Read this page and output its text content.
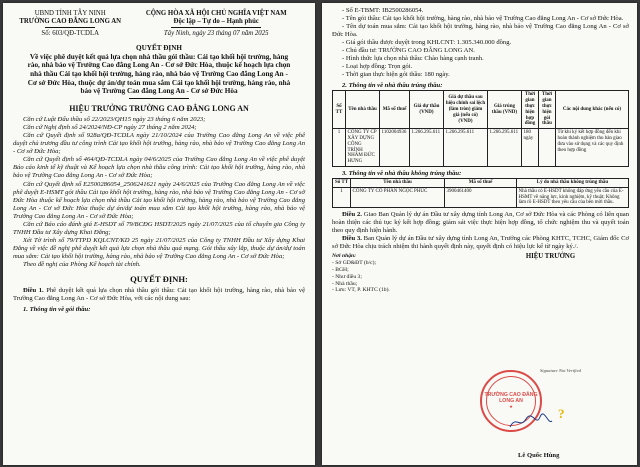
UBND TỈNH TÂY NINH
TRƯỜNG CAO ĐẲNG LONG AN
Số: 603/QĐ-TCDLA
CỘNG HÒA XÃ HỘI CHỦ NGHĨA VIỆT NAM
Độc lập – Tự do – Hạnh phúc
Tây Ninh, ngày 23 tháng 07 năm 2025
QUYẾT ĐỊNH
Về việc phê duyệt kết quả lựa chọn nhà thầu gói thầu: Cải tạo khối hội trường, hàng rào, nhà bảo vệ Trường Cao đẳng Long An - Cơ sở Đức Hòa, thuộc kế hoạch lựa chọn nhà thầu Cải tạo khối hội trường, hàng rào, nhà bảo vệ Trường Cao đẳng Long An - Cơ sở Đức Hòa, thuộc dự án/dự toán mua sắm Cải tạo khối hội trường, hàng rào, nhà bảo vệ Trường Cao đẳng Long An - Cơ sở Đức Hòa
HIỆU TRƯỞNG TRƯỜNG CAO ĐẲNG LONG AN

Căn cứ Luật Đấu thầu số 22/2023/QH15 ngày 23 tháng 6 năm 2023;

Căn cứ Nghị định số 24/2024/NĐ-CP ngày 27 tháng 2 năm 2024;

Căn cứ Quyết định số 928a/QĐ-TCDLA ngày 21/10/2024 của Trường Cao đẳng Long An về việc phê duyệt chủ trương đầu tư công trình Cải tạo khối hội trường, hàng rào, nhà bảo vệ Trường Cao đẳng Long An - Cơ sở Đức Hòa;

Căn cứ Quyết định số 464/QĐ-TCDLA ngày 04/6/2025 của Trường Cao đẳng Long An về việc phê duyệt Báo cáo kinh tế kỹ thuật và Kế hoạch lựa chọn nhà thầu công trình: Cải tạo khối hội trường, hàng rào, nhà bảo vệ Trường Cao đẳng Long An - Cơ sở Đức Hòa;

Căn cứ Quyết định số E2500286054_2506241621 ngày 24/6/2025 của Trường Cao đẳng Long An về việc phê duyệt E-HSMT gói thầu Cải tạo khối hội trường, hàng rào, nhà bảo vệ Trường Cao đẳng Long An - Cơ sở Đức Hòa thuộc kế hoạch lựa chọn nhà thầu Cải tạo khối hội trường, hàng rào, nhà bảo vệ Trường Cao đẳng Long An - Cơ sở Đức Hòa thuộc dự án/dự toán mua sắm Cải tạo khối hội trường, hàng rào, nhà bảo vệ Trường Cao đẳng Long An - Cơ sở Đức Hòa;

Căn cứ Báo cáo đánh giá E-HSDT số 79/BCĐG HSDT/2025 ngày 21/07/2025 của tổ chuyên gia Công ty TNHH Đầu tư Xây dựng Khai Đăng;

Xét Tờ trình số 79/TTPD KQLCNT/KD 25 ngày 21/07/2025 của Công ty TNHH Đầu tư Xây dựng Khai Đăng về việc đề nghị phê duyệt kết quả lựa chọn nhà thầu quá mạng. Gói thầu xây lắp, thuộc dự án/dự toán mua sắm: Cải tạo khối hội trường, hàng rào, nhà bảo vệ Trường Cao đẳng Long An - Cơ sở Đức Hòa;

Theo đề nghị của Phòng Kế hoạch tài chính.

QUYẾT ĐỊNH:

Điều 1. Phê duyệt kết quả lựa chọn nhà thầu gói thầu: Cải tạo khối hội trường, hàng rào, nhà bảo vệ Trường Cao đẳng Long An - Cơ sở Đức Hòa, với các nội dung sau:

1. Thông tin về gói thầu:

- Số E-TBMT: IB2500286054.

- Tên gói thầu: Cải tạo khối hội trường, hàng rào, nhà bảo vệ Trường Cao đẳng Long An - Cơ sở Đức Hòa.

- Tên dự toán mua sắm: Cải tạo khối hội trường, hàng rào, nhà bảo vệ Trường Cao đẳng Long An - Cơ sở Đức Hòa.

- Giá gói thầu được duyệt trong KHLCNT: 1.305.340.000 đồng.

- Chủ đầu tư: TRƯỜNG CAO ĐẲNG LONG AN.

- Hình thức lựa chọn nhà thầu: Chào hàng cạnh tranh.

- Loại hợp đồng: Trọn gói.

- Thời gian thực hiện gói thầu: 180 ngày.

2. Thông tin về nhà thầu trúng thầu:
Số TT	Tên nhà thầu	Mã số thuế	Giá dự thầu (VND)	Giá dự thầu sau hiệu chỉnh sai lệch (làm tròn) giảm giá (nếu có) (VND)	Giá trúng thầu (VND)	Thời gian thực hiện hợp đồng	Thời gian thực hiện gói thầu	Các nội dung khác (nếu có)
1	CÔNG TY CP XÂY DỰNG CÔNG TRÌNH NHÂM ĐỨC HƯNG	1102004936	1.266.295.611	1.266.295.611	1.266.295.611	180 ngày		Từ khi ký kết hợp đồng đến khi hoàn thành nghiệm thu bàn giao đưa vào sử dụng và các quy định theo hợp đồng
3. Thông tin về nhà thầu không trúng thầu:
Số TT	Tên nhà thầu	Mã số thuế	Lý do nhà thầu không trúng thầu
1	CÔNG TY CỔ PHẦN NGỌC PHÚC	3900461400	Nhà thầu có E-HSDT không đáp ứng yêu cầu của E-HSMT về năng lực, kinh nghiệm, kỹ thuật; Không làm rõ E-HSDT theo yêu cầu của bên mời thầu.

Điều 2. Giao Ban Quản lý dự án Đầu tư xây dựng tỉnh Long An, Cơ sở Đức Hòa và các Phòng có liên quan hoàn thiện các thủ tục ký kết hợp đồng; giám sát việc thực hiện hợp đồng, tổ chức nghiệm thu và quyết toán theo quy định hiện hành.

Điều 3. Ban Quản lý dự án Đầu tư xây dựng tỉnh Long An, Trưởng các Phòng KHTC, TCHC, Giám đốc Cơ sở Đức Hòa chịu trách nhiệm thi hành quyết định này, quyết định có hiệu lực kể từ ngày ký./.

Nơi nhận:
- Sở GD&ĐT (b/c);
- BGH;
- Như điều 3;
- Nhà thầu;
- Lưu: VT, P. KHTC (1b).
HIỆU TRƯỞNG
TRƯỜNG CAO ĐẲNG LONG AN
★
Signature Not Verified
?
Lê Quốc Hùng
